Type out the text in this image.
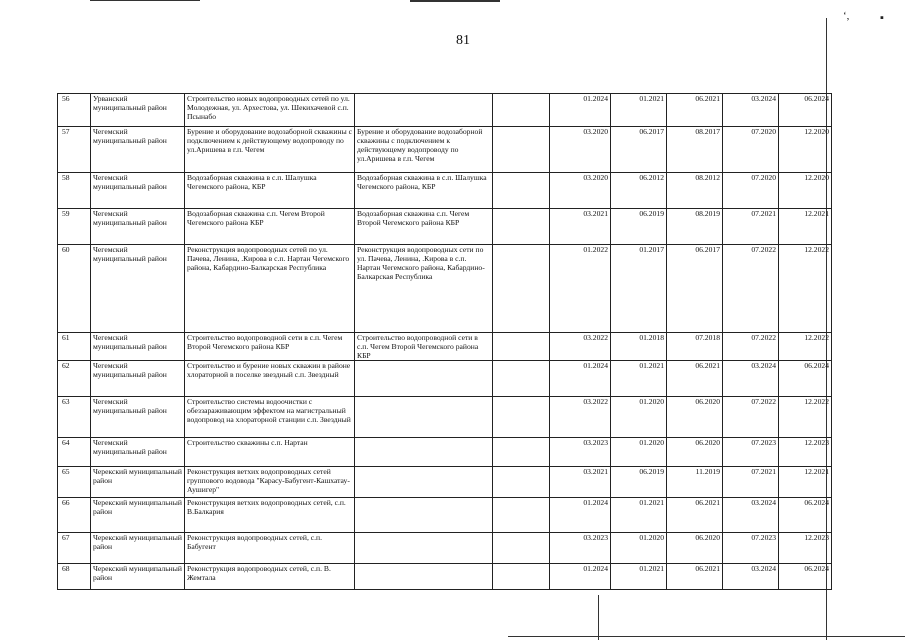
‘,	▪
81
56	Урванский муниципальный район	Строительство новых водопроводных сетей по ул. Молодежная, ул. Архестова, ул. Шекихачевой с.п. Псынабо			01.2024	01.2021	06.2021	03.2024	06.2024
57	Чегемский муниципальный район	Бурение и оборудование водозаборной скважины с подключением к действующему водопроводу по ул.Аришева в г.п. Чегем	Бурение и оборудование водозаборной скважины с подключением к действующему водопроводу по ул.Аришева в г.п. Чегем		03.2020	06.2017	08.2017	07.2020	12.2020
58	Чегемский муниципальный район	Водозаборная скважина в с.п. Шалушка Чегемского района, КБР	Водозаборная скважина в с.п. Шалушка Чегемского района, КБР		03.2020	06.2012	08.2012	07.2020	12.2020
59	Чегемский муниципальный район	Водозаборная скважина с.п. Чегем Второй Чегемского района КБР	Водозаборная скважина с.п. Чегем Второй Чегемского района КБР		03.2021	06.2019	08.2019	07.2021	12.2021
60	Чегемский муниципальный район	Реконструкция водопроводных сетей по ул. Пачева, Ленина, .Кирова в с.п. Нартан Чегемского района, Кабардино-Балкарская Республика	Реконструкция водопроводных сети по ул. Пачева, Ленина, .Кирова в с.п. Нартан Чегемского района, Кабардино-Балкарская Республика		01.2022	01.2017	06.2017	07.2022	12.2022
61	Чегемский муниципальный район	Строительство водопроводной сети в с.п. Чегем Второй Чегемского района КБР	Строительство водопроводной сети в с.п. Чегем Второй Чегемского района КБР		03.2022	01.2018	07.2018	07.2022	12.2022
62	Чегемский муниципальный район	Строительство и бурение новых скважин в районе хлораторной в поселке звездный с.п. Звездный			01.2024	01.2021	06.2021	03.2024	06.2024
63	Чегемский муниципальный район	Строительство системы водоочистки с обеззараживающим эффектом на магистральный водопровод на хлораторной станции с.п. Звездный			03.2022	01.2020	06.2020	07.2022	12.2022
64	Чегемский муниципальный район	Строительство скважины с.п. Нартан			03.2023	01.2020	06.2020	07.2023	12.2023
65	Черекский муниципальный район	Реконструкция ветхих водопроводных сетей группового водовода "Карасу-Бабугент-Кашхатау-Аушигер"			03.2021	06.2019	11.2019	07.2021	12.2021
66	Черекский муниципальный район	Реконструкция ветхих водопроводных сетей, с.п. В.Балкария			01.2024	01.2021	06.2021	03.2024	06.2024
67	Черекский муниципальный район	Реконструкция водопроводных сетей, с.п. Бабугент			03.2023	01.2020	06.2020	07.2023	12.2023
68	Черекский муниципальный район	Реконструкция водопроводных сетей, с.п. В. Жемтала			01.2024	01.2021	06.2021	03.2024	06.2024
